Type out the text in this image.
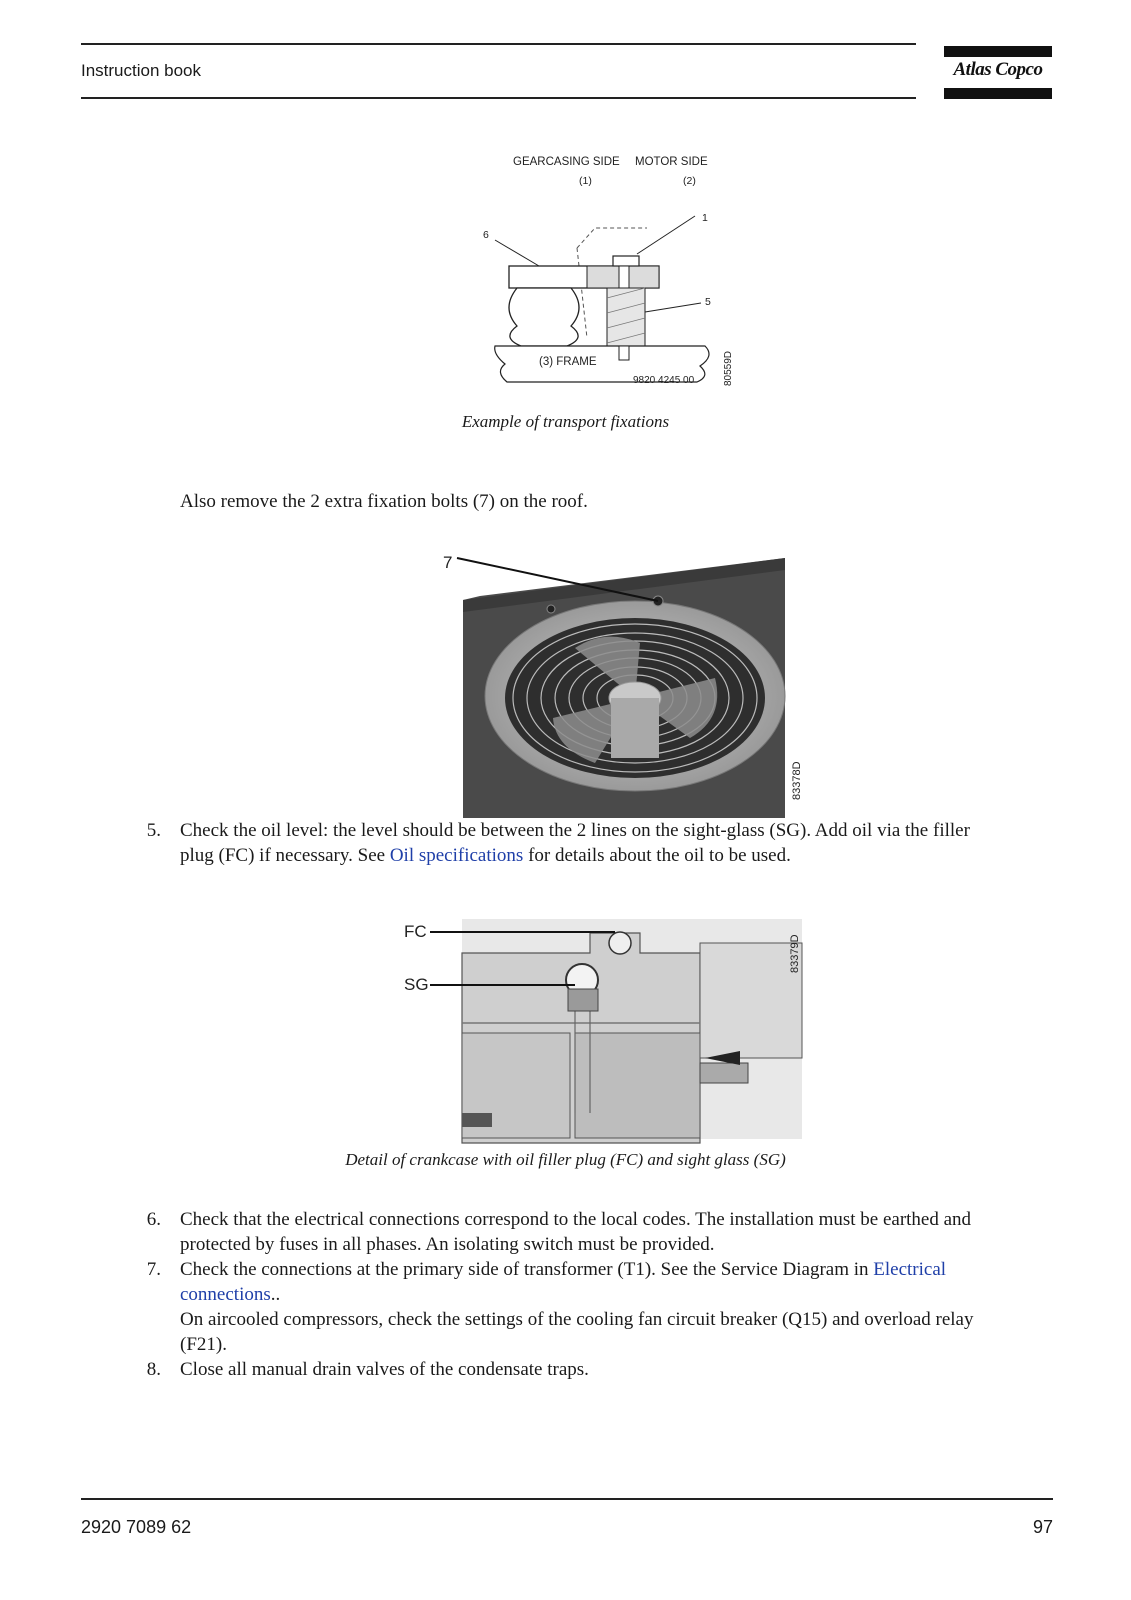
Instruction book	Atlas Copco
GEARCASING SIDE MOTOR SIDE
(1)	(2)
1
6
5
(3) FRAME
9820 4245 00	80559D
Example of transport fixations
Also remove the 2 extra fixation bolts (7) on the roof.
7
83378D
5. Check the oil level: the level should be between the 2 lines on the sight-glass (SG). Add oil via the filler
plug (FC) if necessary. See Oil specifications for details about the oil to be used.
FC
SG
83379D
Detail of crankcase with oil filler plug (FC) and sight glass (SG)
6. Check that the electrical connections correspond to the local codes. The installation must be earthed and
protected by fuses in all phases. An isolating switch must be provided.
7. Check the connections at the primary side of transformer (T1). See the Service Diagram in Electrical
connections..
On aircooled compressors, check the settings of the cooling fan circuit breaker (Q15) and overload relay
(F21).
8. Close all manual drain valves of the condensate traps.
2920 7089 62	97
